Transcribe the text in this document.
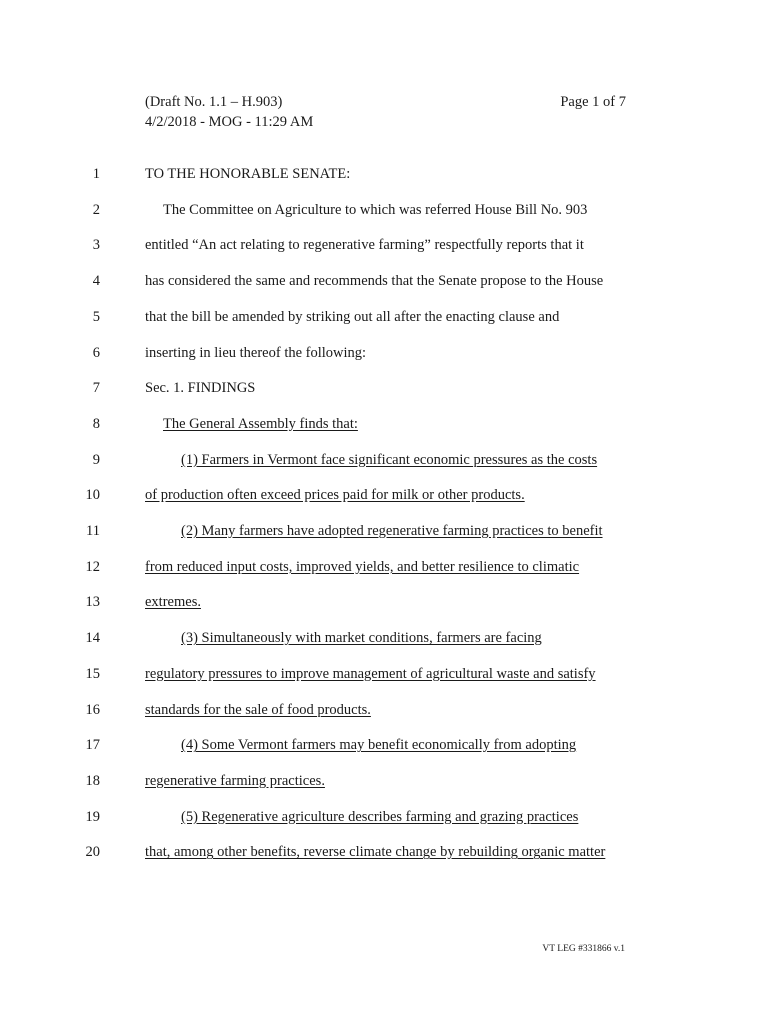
(Draft No. 1.1 – H.903)
4/2/2018 - MOG - 11:29 AM
Page 1 of 7
1	TO THE HONORABLE SENATE:
2	The Committee on Agriculture to which was referred House Bill No. 903
3	entitled “An act relating to regenerative farming” respectfully reports that it
4	has considered the same and recommends that the Senate propose to the House
5	that the bill be amended by striking out all after the enacting clause and
6	inserting in lieu thereof the following:
7	Sec. 1. FINDINGS
8	The General Assembly finds that:
9	(1) Farmers in Vermont face significant economic pressures as the costs
10	of production often exceed prices paid for milk or other products.
11	(2) Many farmers have adopted regenerative farming practices to benefit
12	from reduced input costs, improved yields, and better resilience to climatic
13	extremes.
14	(3) Simultaneously with market conditions, farmers are facing
15	regulatory pressures to improve management of agricultural waste and satisfy
16	standards for the sale of food products.
17	(4) Some Vermont farmers may benefit economically from adopting
18	regenerative farming practices.
19	(5) Regenerative agriculture describes farming and grazing practices
20	that, among other benefits, reverse climate change by rebuilding organic matter
VT LEG #331866 v.1
